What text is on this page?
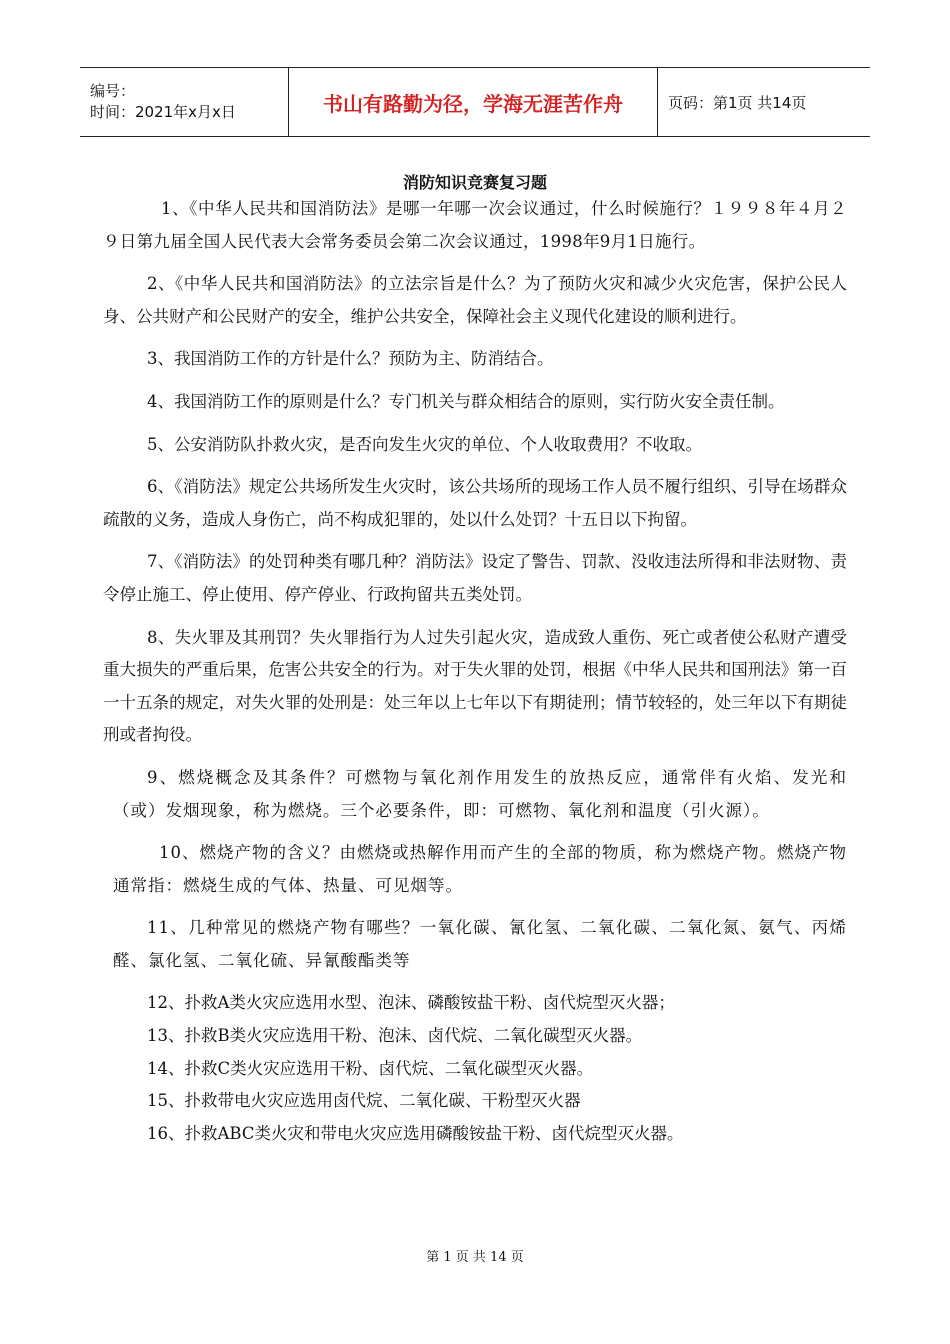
编号：
时间：2021年x月x日	书山有路勤为径，学海无涯苦作舟	页码：第1页 共14页
消防知识竞赛复习题

1、《中华人民共和国消防法》是哪一年哪一次会议通过，什么时候施行？１９９８年４月２９日第九届全国人民代表大会常务委员会第二次会议通过，1998年9月1日施行。

2、《中华人民共和国消防法》的立法宗旨是什么？为了预防火灾和减少火灾危害，保护公民人身、公共财产和公民财产的安全，维护公共安全，保障社会主义现代化建设的顺利进行。

3、我国消防工作的方针是什么？预防为主、防消结合。

4、我国消防工作的原则是什么？专门机关与群众相结合的原则，实行防火安全责任制。

5、公安消防队扑救火灾，是否向发生火灾的单位、个人收取费用？不收取。

6、《消防法》规定公共场所发生火灾时，该公共场所的现场工作人员不履行组织、引导在场群众疏散的义务，造成人身伤亡，尚不构成犯罪的，处以什么处罚？十五日以下拘留。

7、《消防法》的处罚种类有哪几种？消防法》设定了警告、罚款、没收违法所得和非法财物、责令停止施工、停止使用、停产停业、行政拘留共五类处罚。

8、失火罪及其刑罚？失火罪指行为人过失引起火灾，造成致人重伤、死亡或者使公私财产遭受重大损失的严重后果，危害公共安全的行为。对于失火罪的处罚，根据《中华人民共和国刑法》第一百一十五条的规定，对失火罪的处刑是：处三年以上七年以下有期徒刑；情节较轻的，处三年以下有期徒刑或者拘役。

9、燃烧概念及其条件？可燃物与氧化剂作用发生的放热反应，通常伴有火焰、发光和（或）发烟现象，称为燃烧。三个必要条件，即：可燃物、氧化剂和温度（引火源）。

10、燃烧产物的含义？由燃烧或热解作用而产生的全部的物质，称为燃烧产物。燃烧产物通常指：燃烧生成的气体、热量、可见烟等。

11、几种常见的燃烧产物有哪些？一氧化碳、氰化氢、二氧化碳、二氧化氮、氨气、丙烯醛、氯化氢、二氧化硫、异氰酸酯类等

12、扑救A类火灾应选用水型、泡沫、磷酸铵盐干粉、卤代烷型灭火器；

13、扑救B类火灾应选用干粉、泡沫、卤代烷、二氧化碳型灭火器。

14、扑救C类火灾应选用干粉、卤代烷、二氧化碳型灭火器。

15、扑救带电火灾应选用卤代烷、二氧化碳、干粉型灭火器

16、扑救ABC类火灾和带电火灾应选用磷酸铵盐干粉、卤代烷型灭火器。

第 1 页 共 14 页
